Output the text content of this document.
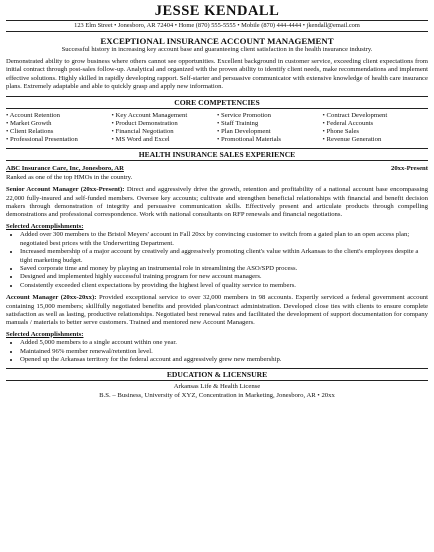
JESSE KENDALL
123 Elm Street • Jonesboro, AR 72404 • Home (870) 555-5555 • Mobile (870) 444-4444 • jkendall@email.com
EXCEPTIONAL INSURANCE ACCOUNT MANAGEMENT
Successful history in increasing key account base and guaranteeing client satisfaction in the health insurance industry.
Demonstrated ability to grow business where others cannot see opportunities. Excellent background in customer service, exceeding client expectations from initial contract through post-sales follow-up. Analytical and organized with the proven ability to identify client needs, make recommendations and implement effective solutions. Highly skilled in rapidly developing rapport. Self-starter and persuasive communicator with extensive knowledge of health care insurance plans. Extremely adaptable and able to quickly grasp and apply new information.
CORE COMPETENCIES
• Account Retention
• Market Growth
• Client Relations
• Professional Presentation
• Key Account Management
• Product Demonstration
• Financial Negotiation
• MS Word and Excel
• Service Promotion
• Staff Training
• Plan Development
• Promotional Materials
• Contract Development
• Federal Accounts
• Phone Sales
• Revenue Generation
HEALTH INSURANCE SALES EXPERIENCE
ABC Insurance Care, Inc, Jonesboro, AR	20xx-Present
Ranked as one of the top HMOs in the country.
Senior Account Manager (20xx-Present): Direct and aggressively drive the growth, retention and profitability of a national account base encompassing 22,000 fully-insured and self-funded members. Oversee key accounts; cultivate and strengthen beneficial relationships with financial and benefit decision makers through demonstration of integrity and persuasive communication skills. Effectively present and articulate products through compelling demonstrations and professional correspondence. Work with national consultants on RFP renewals and financial negotiations.
Selected Accomplishments:
• Added over 300 members to the Bristol Meyers' account in Fall 20xx by convincing customer to switch from a gated plan to an open access plan; negotiated best prices with the Underwriting Department.
• Increased membership of a major account by creatively and aggressively promoting client's value within Arkansas to the client's employees despite a tight marketing budget.
• Saved corporate time and money by playing an instrumental role in streamlining the ASO/SPD process.
• Designed and implemented highly successful training program for new account managers.
• Consistently exceeded client expectations by providing the highest level of quality service to members.
Account Manager (20xx-20xx): Provided exceptional service to over 32,000 members in 98 accounts. Expertly serviced a federal government account containing 15,000 members; skillfully negotiated benefits and provided plan/contract administration. Developed close ties with clients to ensure complete satisfaction as well as lasting, productive relationships. Negotiated best renewal rates and facilitated the development of support documentation for company manuals / materials to better serve customers. Trained and mentored new Account Managers.
Selected Accomplishments:
• Added 5,000 members to a single account within one year.
• Maintained 96% member renewal/retention level.
• Opened up the Arkansas territory for the federal account and aggressively grew new membership.
EDUCATION & LICENSURE
Arkansas Life & Health License
B.S. – Business, University of XYZ, Concentration in Marketing, Jonesboro, AR • 20xx
